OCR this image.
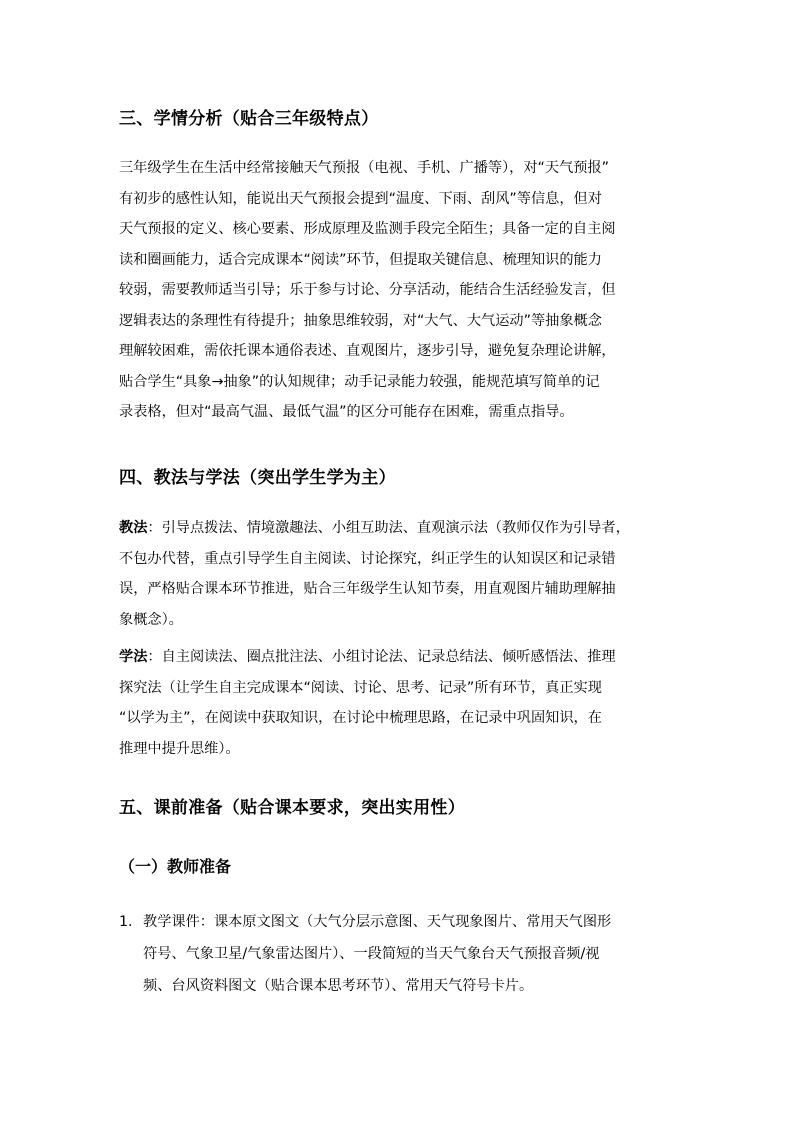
三、学情分析（贴合三年级特点）
三年级学生在生活中经常接触天气预报（电视、手机、广播等），对“天气预报”
有初步的感性认知，能说出天气预报会提到“温度、下雨、刮风”等信息，但对
天气预报的定义、核心要素、形成原理及监测手段完全陌生；具备一定的自主阅
读和圈画能力，适合完成课本“阅读”环节，但提取关键信息、梳理知识的能力
较弱，需要教师适当引导；乐于参与讨论、分享活动，能结合生活经验发言，但
逻辑表达的条理性有待提升；抽象思维较弱，对“大气、大气运动”等抽象概念
理解较困难，需依托课本通俗表述、直观图片，逐步引导，避免复杂理论讲解，
贴合学生“具象→抽象”的认知规律；动手记录能力较强，能规范填写简单的记
录表格，但对“最高气温、最低气温”的区分可能存在困难，需重点指导。
四、教法与学法（突出学生学为主）
教法：引导点拨法、情境激趣法、小组互助法、直观演示法（教师仅作为引导者，
不包办代替，重点引导学生自主阅读、讨论探究，纠正学生的认知误区和记录错
误，严格贴合课本环节推进，贴合三年级学生认知节奏，用直观图片辅助理解抽
象概念）。
学法：自主阅读法、圈点批注法、小组讨论法、记录总结法、倾听感悟法、推理
探究法（让学生自主完成课本“阅读、讨论、思考、记录”所有环节，真正实现
“以学为主”，在阅读中获取知识，在讨论中梳理思路，在记录中巩固知识，在
推理中提升思维）。
五、课前准备（贴合课本要求，突出实用性）
（一）教师准备
1. 教学课件：课本原文图文（大气分层示意图、天气现象图片、常用天气图形
符号、气象卫星/气象雷达图片）、一段简短的当天气象台天气预报音频/视
频、台风资料图文（贴合课本思考环节）、常用天气符号卡片。
